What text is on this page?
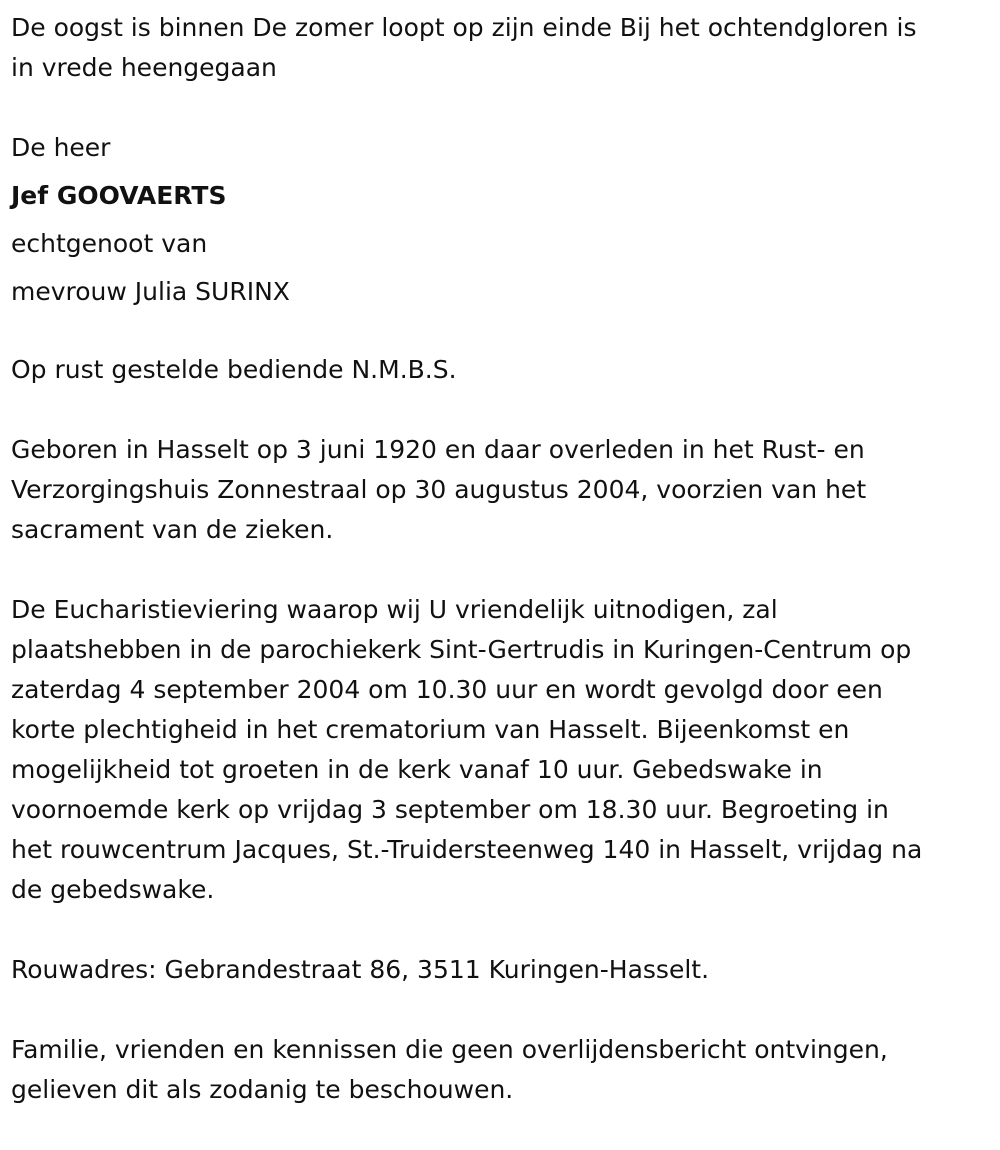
De oogst is binnen De zomer loopt op zijn einde Bij het ochtendgloren is
in vrede heengegaan

De heer
Jef GOOVAERTS
echtgenoot van
mevrouw Julia SURINX

Op rust gestelde bediende N.M.B.S.

Geboren in Hasselt op 3 juni 1920 en daar overleden in het Rust- en
Verzorgingshuis Zonnestraal op 30 augustus 2004, voorzien van het
sacrament van de zieken.

De Eucharistieviering waarop wij U vriendelijk uitnodigen, zal
plaatshebben in de parochiekerk Sint-Gertrudis in Kuringen-Centrum op
zaterdag 4 september 2004 om 10.30 uur en wordt gevolgd door een
korte plechtigheid in het crematorium van Hasselt. Bijeenkomst en
mogelijkheid tot groeten in de kerk vanaf 10 uur. Gebedswake in
voornoemde kerk op vrijdag 3 september om 18.30 uur. Begroeting in
het rouwcentrum Jacques, St.-Truidersteenweg 140 in Hasselt, vrijdag na
de gebedswake.

Rouwadres: Gebrandestraat 86, 3511 Kuringen-Hasselt.

Familie, vrienden en kennissen die geen overlijdensbericht ontvingen,
gelieven dit als zodanig te beschouwen.
